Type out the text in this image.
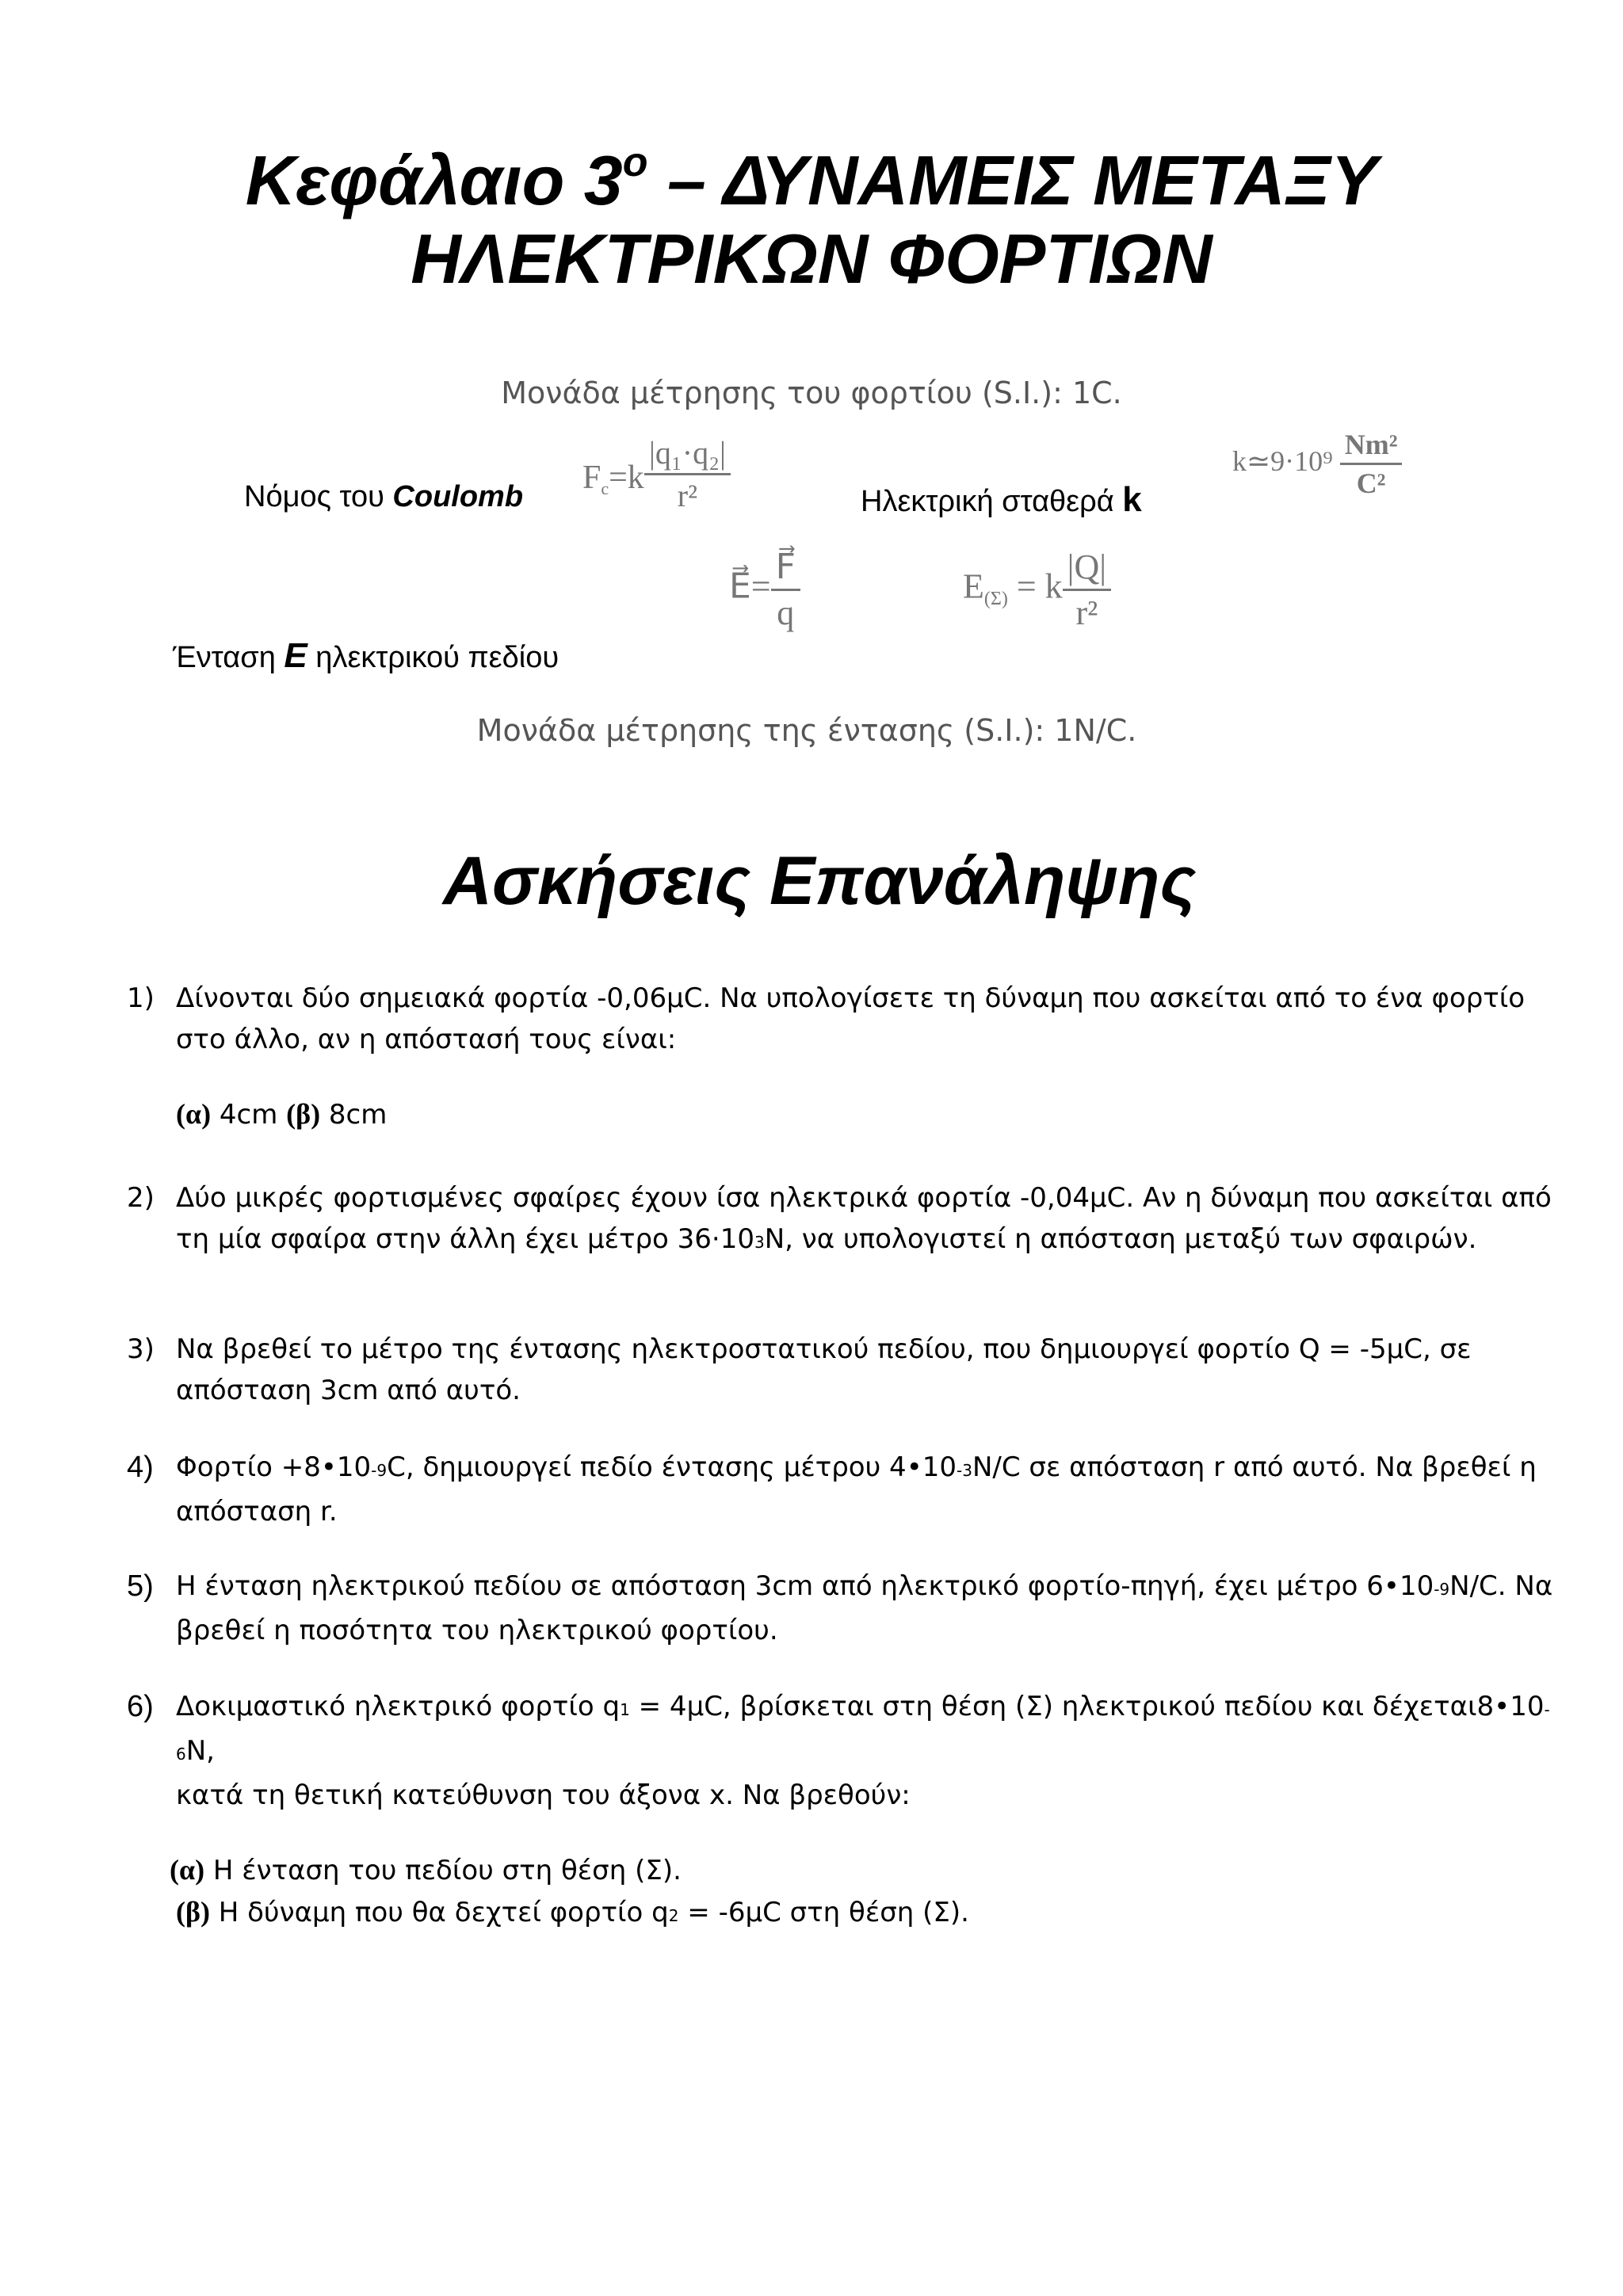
Κεφάλαιο $3^o$ – ΔΥΝΑΜΕΙΣ ΜΕΤΑΞΥ
ΗΛΕΚΤΡΙΚΩΝ ΦΟΡΤΙΩΝ
Μονάδα μέτρησης του φορτίου (S.I.): 1C.
Νόμος του Coulomb
$Fc=k \frac{\text{|q₁·q₂|}}{\text{r²}}$	Ηλεκτρική σταθερά k
k≃9·10⁹ $\frac{\text{Nm²}}{\text{C²}}$
E⃗= $\frac{F⃗}{q}$	E(Σ) = k $\frac{|Q|}{\text{r²}}$
Ένταση E ηλεκτρικού πεδίου
Μονάδα μέτρησης της έντασης (S.I.): 1N/C.
Ασκήσεις Επανάληψης
1) Δίνονται δύο σημειακά φορτία -0,06μC. Να υπολογίσετε τη δύναμη που ασκείται από το ένα φορτίο
στο άλλο, αν η απόστασή τους είναι:
(α) 4cm (β) 8cm
2) Δύο μικρές φορτισμένες σφαίρες έχουν ίσα ηλεκτρικά φορτία -0,04μC. Αν η δύναμη που ασκείται από
τη μία σφαίρα στην άλλη έχει μέτρο 36·103N, να υπολογιστεί η απόσταση μεταξύ των σφαιρών.
3) Να βρεθεί το μέτρο της έντασης ηλεκτροστατικού πεδίου, που δημιουργεί φορτίο Q = -5μC, σε
απόσταση 3cm από αυτό.
4) Φορτίο +8•10-9C, δημιουργεί πεδίο έντασης μέτρου 4•10-3N/C σε απόσταση r από αυτό. Να βρεθεί η
απόσταση r.
5) Η ένταση ηλεκτρικού πεδίου σε απόσταση 3cm από ηλεκτρικό φορτίο-πηγή, έχει μέτρο 6•10-9N/C. Να
βρεθεί η ποσότητα του ηλεκτρικού φορτίου.
6) Δοκιμαστικό ηλεκτρικό φορτίο q1 = 4μC, βρίσκεται στη θέση (Σ) ηλεκτρικού πεδίου και δέχεται8•10-6N,
κατά τη θετική κατεύθυνση του άξονα x. Να βρεθούν:
(α) Η ένταση του πεδίου στη θέση (Σ).
(β) Η δύναμη που θα δεχτεί φορτίο q2 = -6μC στη θέση (Σ).
